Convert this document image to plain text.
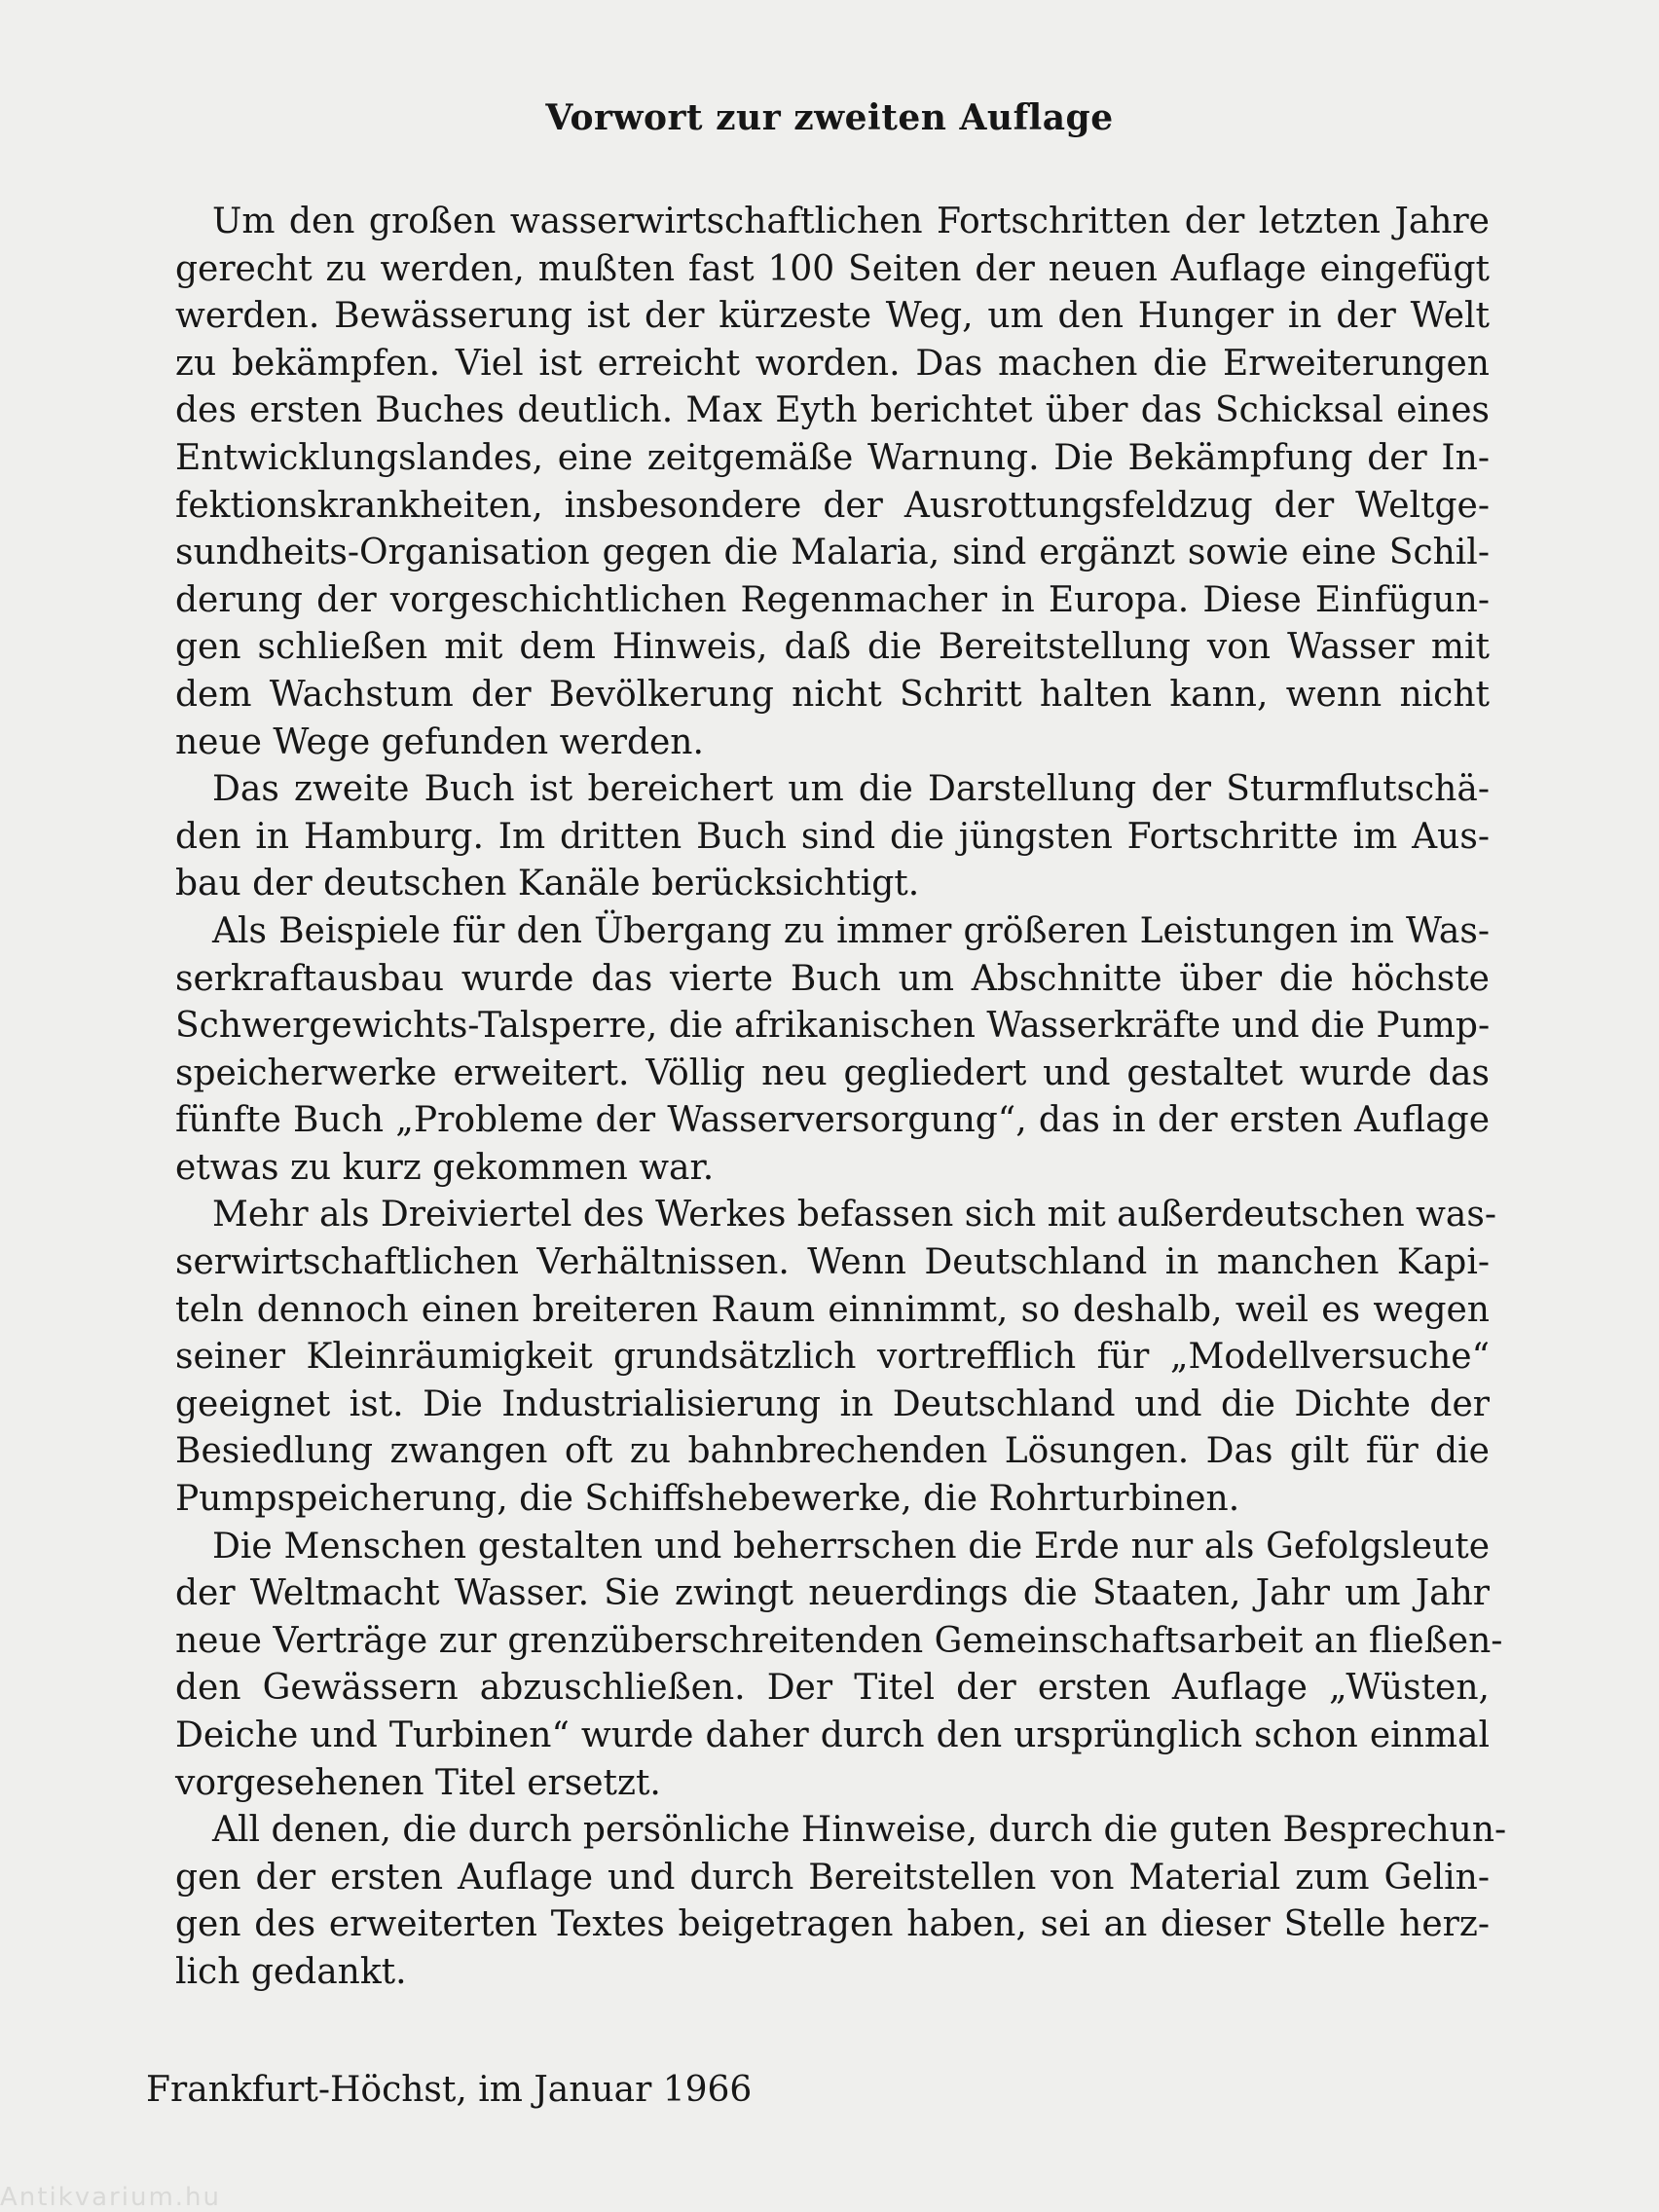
Vorwort zur zweiten Auflage

Um den großen wasserwirtschaftlichen Fortschritten der letzten Jahre
gerecht zu werden, mußten fast 100 Seiten der neuen Auflage eingefügt
werden. Bewässerung ist der kürzeste Weg, um den Hunger in der Welt
zu bekämpfen. Viel ist erreicht worden. Das machen die Erweiterungen
des ersten Buches deutlich. Max Eyth berichtet über das Schicksal eines
Entwicklungslandes, eine zeitgemäße Warnung. Die Bekämpfung der In-
fektionskrankheiten, insbesondere der Ausrottungsfeldzug der Weltge-
sundheits-Organisation gegen die Malaria, sind ergänzt sowie eine Schil-
derung der vorgeschichtlichen Regenmacher in Europa. Diese Einfügun-
gen schließen mit dem Hinweis, daß die Bereitstellung von Wasser mit
dem Wachstum der Bevölkerung nicht Schritt halten kann, wenn nicht
neue Wege gefunden werden.

Das zweite Buch ist bereichert um die Darstellung der Sturmflutschä-
den in Hamburg. Im dritten Buch sind die jüngsten Fortschritte im Aus-
bau der deutschen Kanäle berücksichtigt.

Als Beispiele für den Übergang zu immer größeren Leistungen im Was-
serkraftausbau wurde das vierte Buch um Abschnitte über die höchste
Schwergewichts-Talsperre, die afrikanischen Wasserkräfte und die Pump-
speicherwerke erweitert. Völlig neu gegliedert und gestaltet wurde das
fünfte Buch „Probleme der Wasserversorgung“, das in der ersten Auflage
etwas zu kurz gekommen war.

Mehr als Dreiviertel des Werkes befassen sich mit außerdeutschen was-
serwirtschaftlichen Verhältnissen. Wenn Deutschland in manchen Kapi-
teln dennoch einen breiteren Raum einnimmt, so deshalb, weil es wegen
seiner Kleinräumigkeit grundsätzlich vortrefflich für „Modellversuche“
geeignet ist. Die Industrialisierung in Deutschland und die Dichte der
Besiedlung zwangen oft zu bahnbrechenden Lösungen. Das gilt für die
Pumpspeicherung, die Schiffshebewerke, die Rohrturbinen.

Die Menschen gestalten und beherrschen die Erde nur als Gefolgsleute
der Weltmacht Wasser. Sie zwingt neuerdings die Staaten, Jahr um Jahr
neue Verträge zur grenzüberschreitenden Gemeinschaftsarbeit an fließen-
den Gewässern abzuschließen. Der Titel der ersten Auflage „Wüsten,
Deiche und Turbinen“ wurde daher durch den ursprünglich schon einmal
vorgesehenen Titel ersetzt.

All denen, die durch persönliche Hinweise, durch die guten Besprechun-
gen der ersten Auflage und durch Bereitstellen von Material zum Gelin-
gen des erweiterten Textes beigetragen haben, sei an dieser Stelle herz-
lich gedankt.

Frankfurt-Höchst, im Januar 1966
Antikvarium.hu
